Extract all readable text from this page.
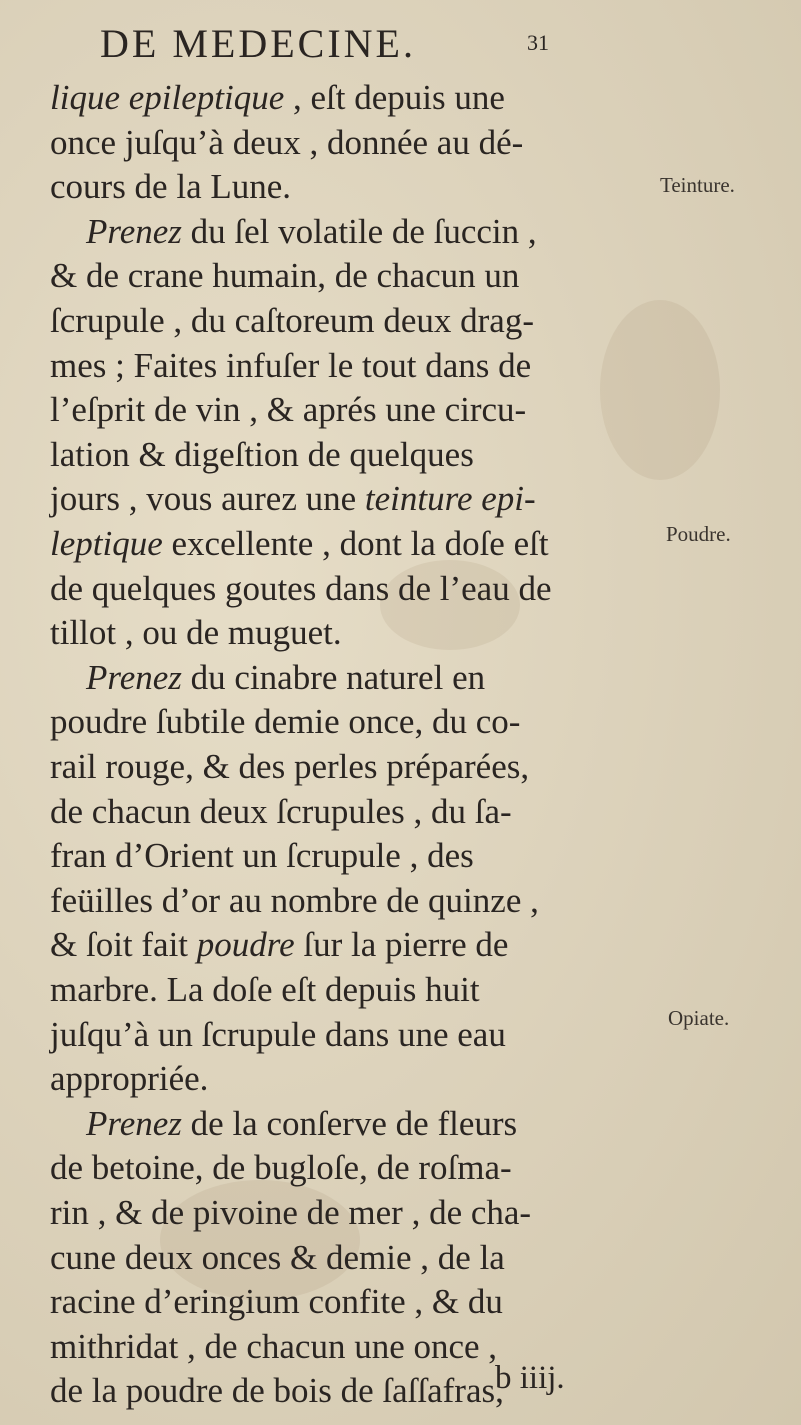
DE MEDECINE.	31
lique epileptique , eſt depuis une
once juſqu’à deux , donnée au dé-
cours de la Lune.
Prenez du ſel volatile de ſuccin ,
& de crane humain, de chacun un
ſcrupule , du caſtoreum deux drag-
mes ; Faites infuſer le tout dans de
l’eſprit de vin , & aprés une circu-
lation & digeſtion de quelques
jours , vous aurez une teinture epi-
leptique excellente , dont la doſe eſt
de quelques goutes dans de l’eau de
tillot , ou de muguet.
Prenez du cinabre naturel en
poudre ſubtile demie once, du co-
rail rouge, & des perles préparées,
de chacun deux ſcrupules , du ſa-
fran d’Orient un ſcrupule , des
feüilles d’or au nombre de quinze ,
& ſoit fait poudre ſur la pierre de
marbre. La doſe eſt depuis huit
juſqu’à un ſcrupule dans une eau
appropriée.
Prenez de la conſerve de fleurs
de betoine, de bugloſe, de roſma-
rin , & de pivoine de mer , de cha-
cune deux onces & demie , de la
racine d’eringium confite , & du
mithridat , de chacun une once ,
de la poudre de bois de ſaſſafras,
Teinture.
Poudre.
Opiate.
b iiij.
